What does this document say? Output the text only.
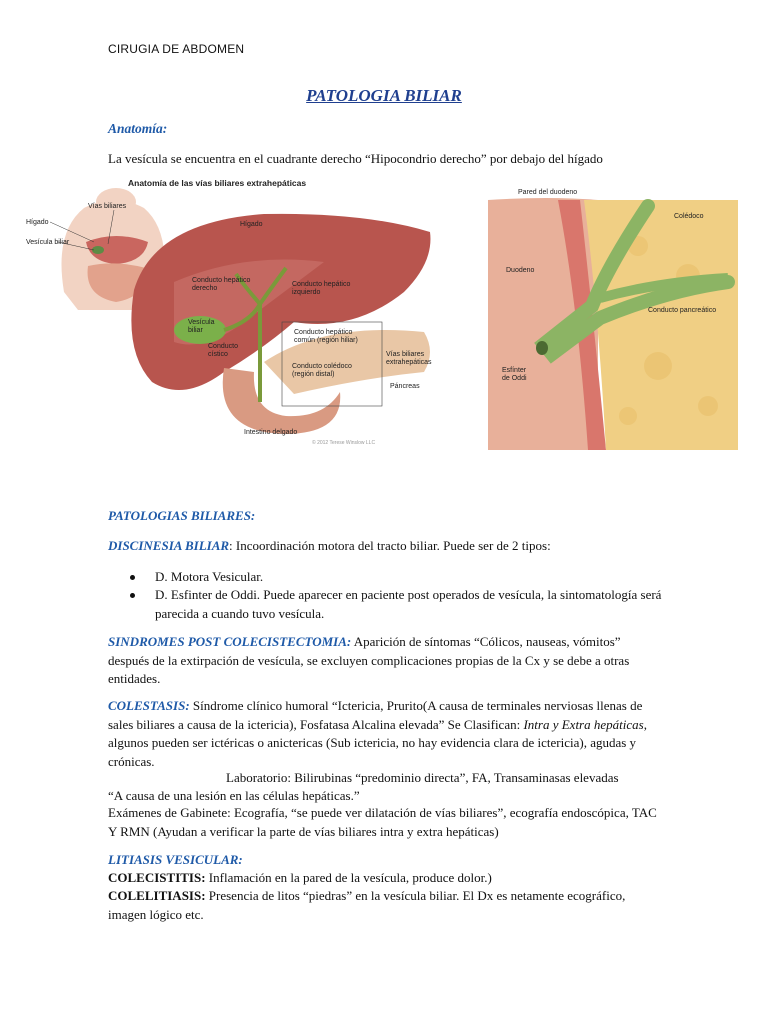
CIRUGIA DE ABDOMEN
PATOLOGIA BILIAR
Anatomía:
La vesícula se encuentra en el cuadrante derecho “Hipocondrio derecho” por debajo del hígado
Anatomía de las vías biliares extrahepáticas
Vías biliares
Hígado
Vesícula biliar
Hígado
Conducto hepático derecho
Conducto hepático izquierdo
Vesícula biliar
Conducto cístico
Conducto hepático común (región hiliar)
Conducto colédoco (región distal)
Vías biliares extrahepáticas
Páncreas
Intestino delgado
© 2012 Terese Winslow LLC
Pared del duodeno
Colédoco
Duodeno
Conducto pancreático
Esfínter de Oddi
PATOLOGIAS BILIARES:
DISCINESIA BILIAR: Incoordinación motora del tracto biliar. Puede ser de 2 tipos:
D. Motora Vesicular.
D. Esfinter de Oddi. Puede aparecer en paciente post operados de vesícula, la sintomatología será parecida a cuando tuvo vesícula.
SINDROMES POST COLECISTECTOMIA: Aparición de síntomas “Cólicos, nauseas, vómitos” después de la extirpación de vesícula, se excluyen complicaciones propias de la Cx y se debe a otras entidades.
COLESTASIS: Síndrome clínico humoral “Ictericia, Prurito(A causa de terminales nerviosas llenas de sales biliares a causa de la ictericia), Fosfatasa Alcalina elevada” Se Clasifican: Intra y Extra hepáticas, algunos pueden ser ictéricas o anictericas (Sub ictericia, no hay evidencia clara de ictericia), agudas y crónicas.
Laboratorio: Bilirubinas “predominio directa”, FA, Transaminasas elevadas
“A causa de una lesión en las células hepáticas.”
Exámenes de Gabinete: Ecografía, “se puede ver dilatación de vías biliares”, ecografía endoscópica, TAC Y RMN (Ayudan a verificar la parte de vías biliares intra y extra hepáticas)
LITIASIS VESICULAR:
COLECISTITIS: Inflamación en la pared de la vesícula, produce dolor.)
COLELITIASIS: Presencia de litos “piedras” en la vesícula biliar. El Dx es netamente ecográfico, imagen lógico etc.
